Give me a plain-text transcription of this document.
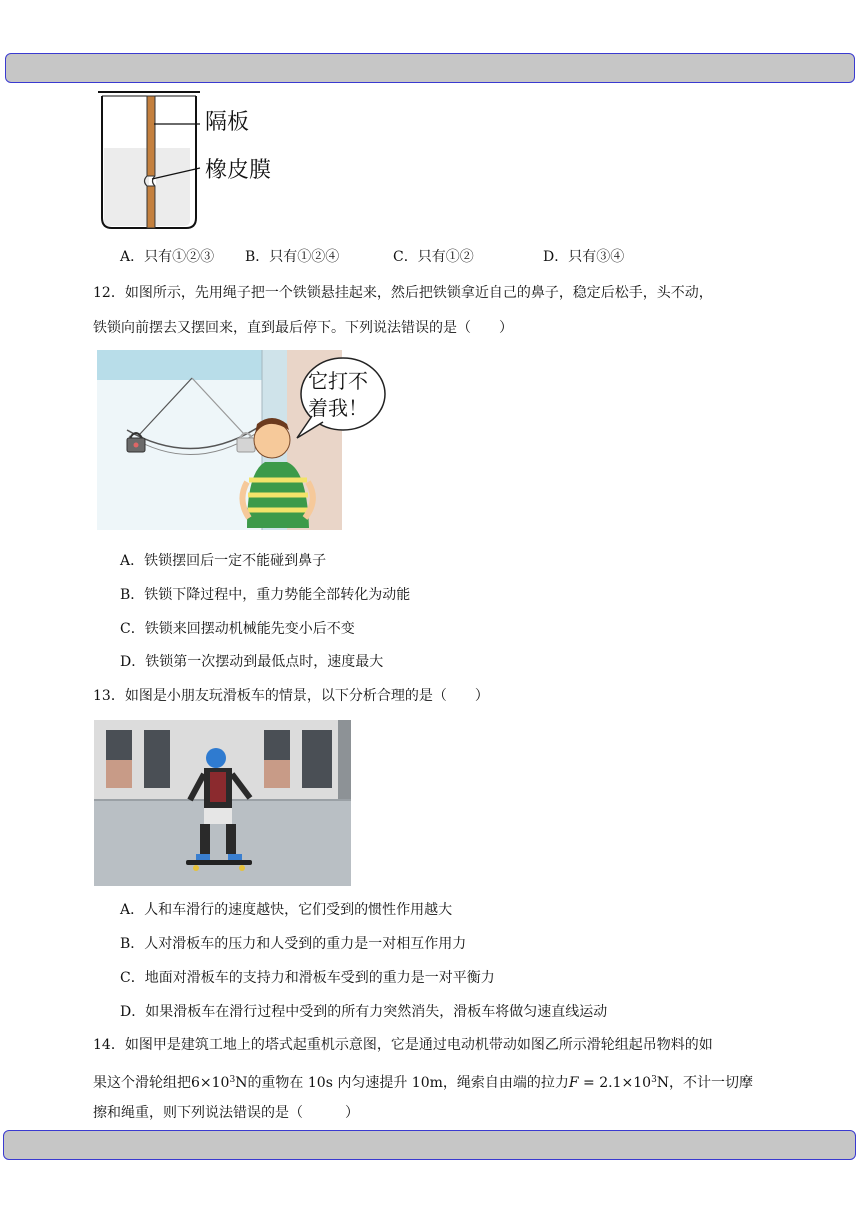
隔板
橡皮膜
A．只有①②③ B．只有①②④	C．只有①②	D．只有③④
12．如图所示，先用绳子把一个铁锁悬挂起来，然后把铁锁拿近自己的鼻子，稳定后松手，头不动，
铁锁向前摆去又摆回来，直到最后停下。下列说法错误的是（　　）
它打不
着我！
A．铁锁摆回后一定不能碰到鼻子
B．铁锁下降过程中，重力势能全部转化为动能
C．铁锁来回摆动机械能先变小后不变
D．铁锁第一次摆动到最低点时，速度最大
13．如图是小朋友玩滑板车的情景，以下分析合理的是（　　）
A．人和车滑行的速度越快，它们受到的惯性作用越大
B．人对滑板车的压力和人受到的重力是一对相互作用力
C．地面对滑板车的支持力和滑板车受到的重力是一对平衡力
D．如果滑板车在滑行过程中受到的所有力突然消失，滑板车将做匀速直线运动
14．如图甲是建筑工地上的塔式起重机示意图，它是通过电动机带动如图乙所示滑轮组起吊物料的如
果这个滑轮组把$6\times 10^3N$的重物在 10s 内匀速提升 10m，绳索自由端的拉力$F = 2.1\times 10^3N$，不计一切摩
擦和绳重，则下列说法错误的是（　　　）
